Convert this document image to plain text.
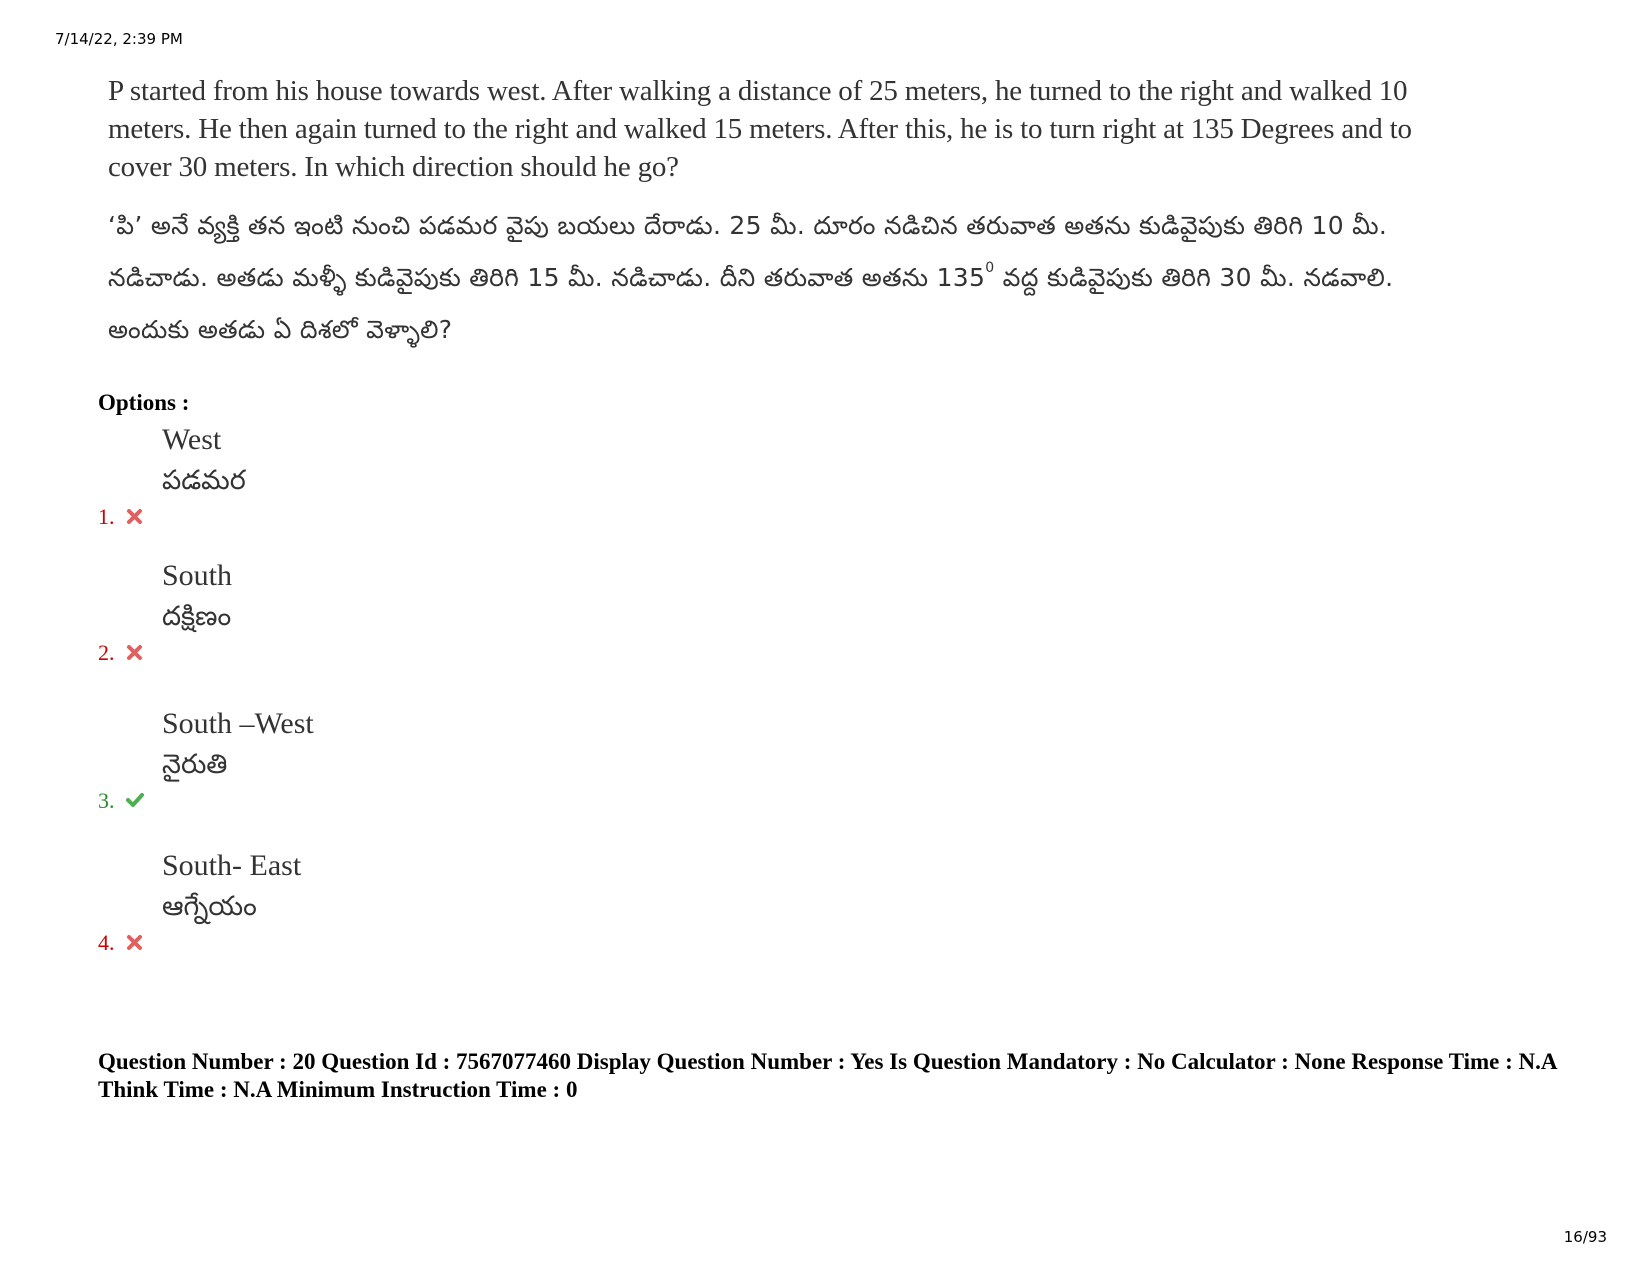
7/14/22, 2:39 PM

P started from his house towards west. After walking a distance of 25 meters, he turned to the right and walked 10 meters. He then again turned to the right and walked 15 meters. After this, he is to turn right at 135 Degrees and to cover 30 meters. In which direction should he go?

‘పి’ అనే వ్యక్తి తన ఇంటి నుంచి పడమర వైపు బయలు దేరాడు. 25 మీ. దూరం నడిచిన తరువాత అతను కుడివైపుకు తిరిగి 10 మీ. నడిచాడు. అతడు మళ్ళీ కుడివైపుకు తిరిగి 15 మీ. నడిచాడు. దీని తరువాత అతను $135^0$ వద్ద కుడివైపుకు తిరిగి 30 మీ. నడవాలి. అందుకు అతడు ఏ దిశలో వెళ్ళాలి?

Options :
1.
West
పడమర
2.
South
దక్షిణం
3.
South –West
నైరుతి
4.
South- East
ఆగ్నేయం
Question Number : 20 Question Id : 7567077460 Display Question Number : Yes Is Question Mandatory : No Calculator : None Response Time : N.A Think Time : N.A Minimum Instruction Time : 0
16/93
